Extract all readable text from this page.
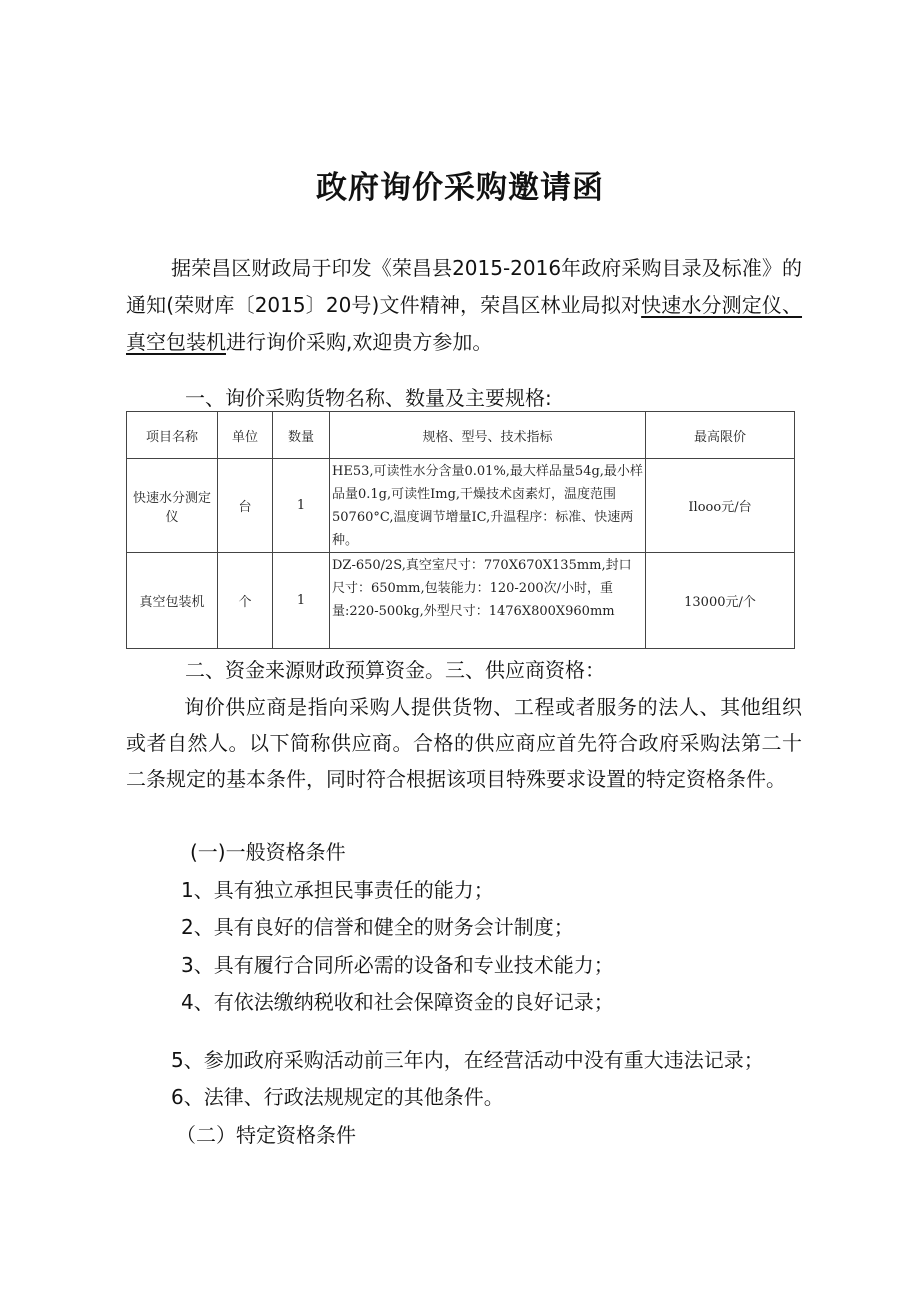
政府询价采购邀请函

据荣昌区财政局于印发《荣昌县2015-2016年政府采购目录及标准》的通知(荣财库〔2015〕20号)文件精神，荣昌区林业局拟对快速水分测定仪、真空包装机进行询价采购,欢迎贵方参加。

一、询价采购货物名称、数量及主要规格:

项目名称	单位	数量	规格、型号、技术指标	最高限价
快速水分测定仪	台	1	HE53,可读性水分含量0.01%,最大样品量54g,最小样品量0.1g,可读性Img,干燥技术卤素灯，温度范围50760°C,温度调节增量IC,升温程序：标准、快速两种。	Ilooo元/台
真空包装机	个	1	DZ-650/2S,真空室尺寸：770X670X135mm,封口尺寸：650mm,包装能力：120-200次/小时，重量:220-500kg,外型尺寸：1476X800X960mm	13000元/个

二、资金来源财政预算资金。三、供应商资格：

询价供应商是指向采购人提供货物、工程或者服务的法人、其他组织或者自然人。以下简称供应商。合格的供应商应首先符合政府采购法第二十二条规定的基本条件，同时符合根据该项目特殊要求设置的特定资格条件。

(一)一般资格条件

1、具有独立承担民事责任的能力；

2、具有良好的信誉和健全的财务会计制度；

3、具有履行合同所必需的设备和专业技术能力；

4、有依法缴纳税收和社会保障资金的良好记录；

5、参加政府采购活动前三年内，在经营活动中没有重大违法记录；

6、法律、行政法规规定的其他条件。

（二）特定资格条件
